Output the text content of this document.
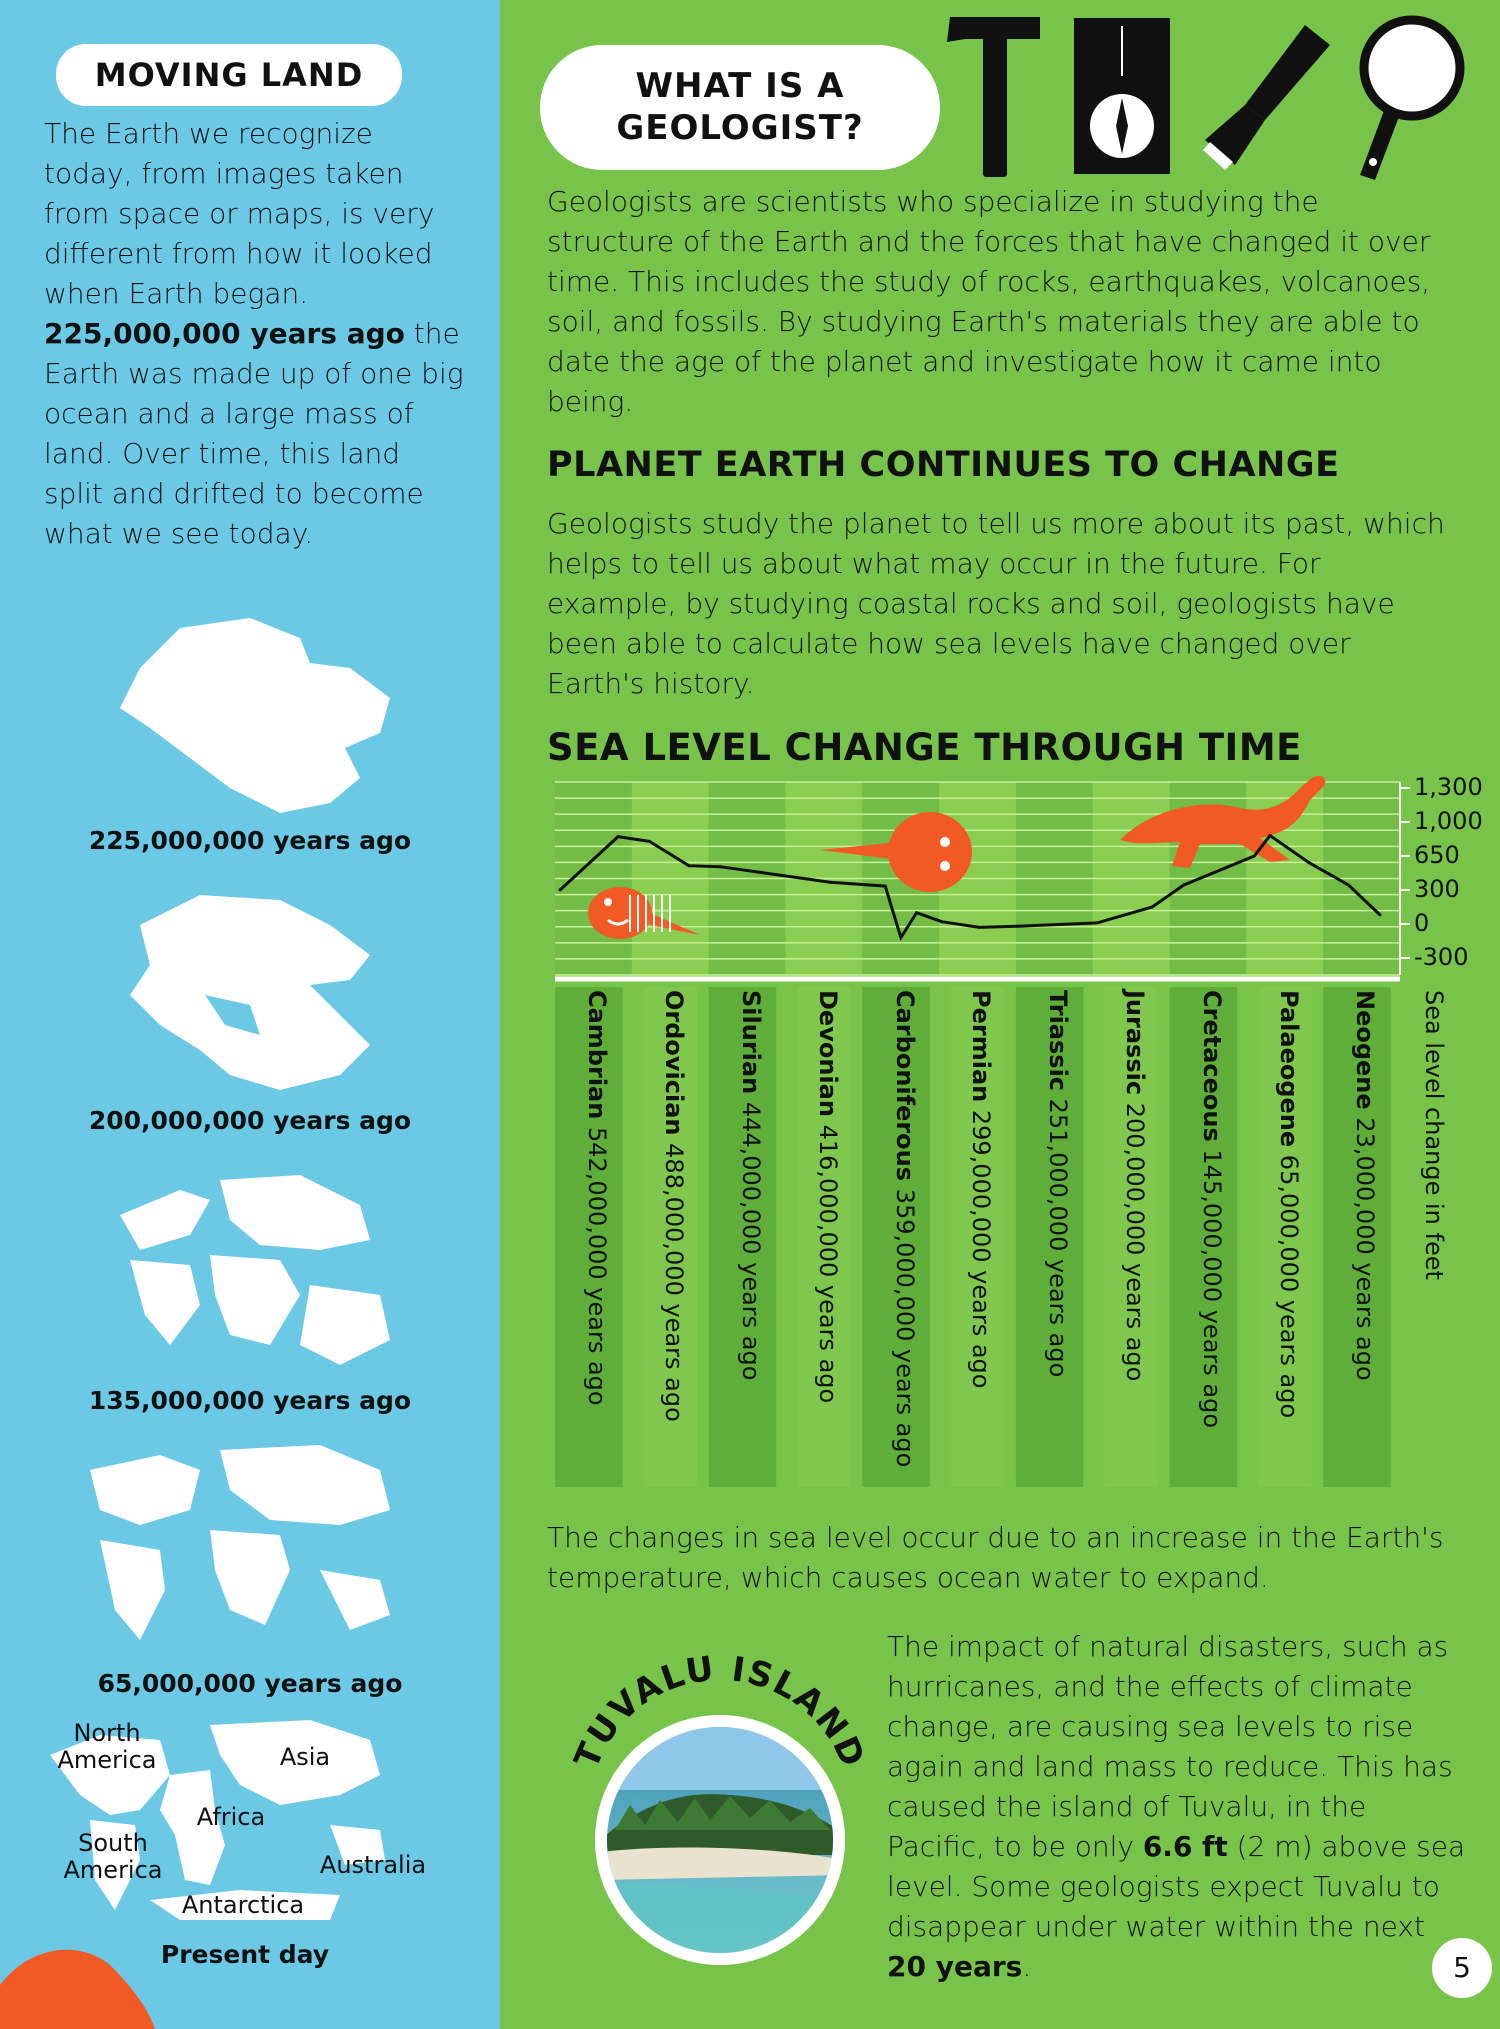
MOVING LAND
The Earth we recognize today, from images taken from space or maps, is very different from how it looked when Earth began. 225,000,000 years ago the Earth was made up of one big ocean and a large mass of land. Over time, this land split and drifted to become what we see today.
225,000,000 years ago
200,000,000 years ago
135,000,000 years ago
65,000,000 years ago
North America	Asia
Africa
South America	Australia
Antarctica
Present day
WHAT IS A
GEOLOGIST?
Geologists are scientists who specialize in studying the structure of the Earth and the forces that have changed it over time. This includes the study of rocks, earthquakes, volcanoes, soil, and fossils. By studying Earth's materials they are able to date the age of the planet and investigate how it came into being.
PLANET EARTH CONTINUES TO CHANGE
Geologists study the planet to tell us more about its past, which helps to tell us about what may occur in the future. For example, by studying coastal rocks and soil, geologists have been able to calculate how sea levels have changed over Earth's history.
SEA LEVEL CHANGE THROUGH TIME
Sea level change in feet
1,300
1,000
650
300
0
-300
Cambrian 542,000,000 years ago
Ordovician 488,000,000 years ago
Silurian 444,000,000 years ago
Devonian 416,000,000 years ago
Carboniferous 359,000,000 years ago
Permian 299,000,000 years ago
Triassic 251,000,000 years ago
Jurassic 200,000,000 years ago
Cretaceous 145,000,000 years ago
Palaeogene 65,000,000 years ago
Neogene 23,000,000 years ago
The changes in sea level occur due to an increase in the Earth's temperature, which causes ocean water to expand.
TUVALU ISLAND
The impact of natural disasters, such as hurricanes, and the effects of climate change, are causing sea levels to rise again and land mass to reduce. This has caused the island of Tuvalu, in the Pacific, to be only 6.6 ft (2 m) above sea level. Some geologists expect Tuvalu to disappear under water within the next 20 years.	5
